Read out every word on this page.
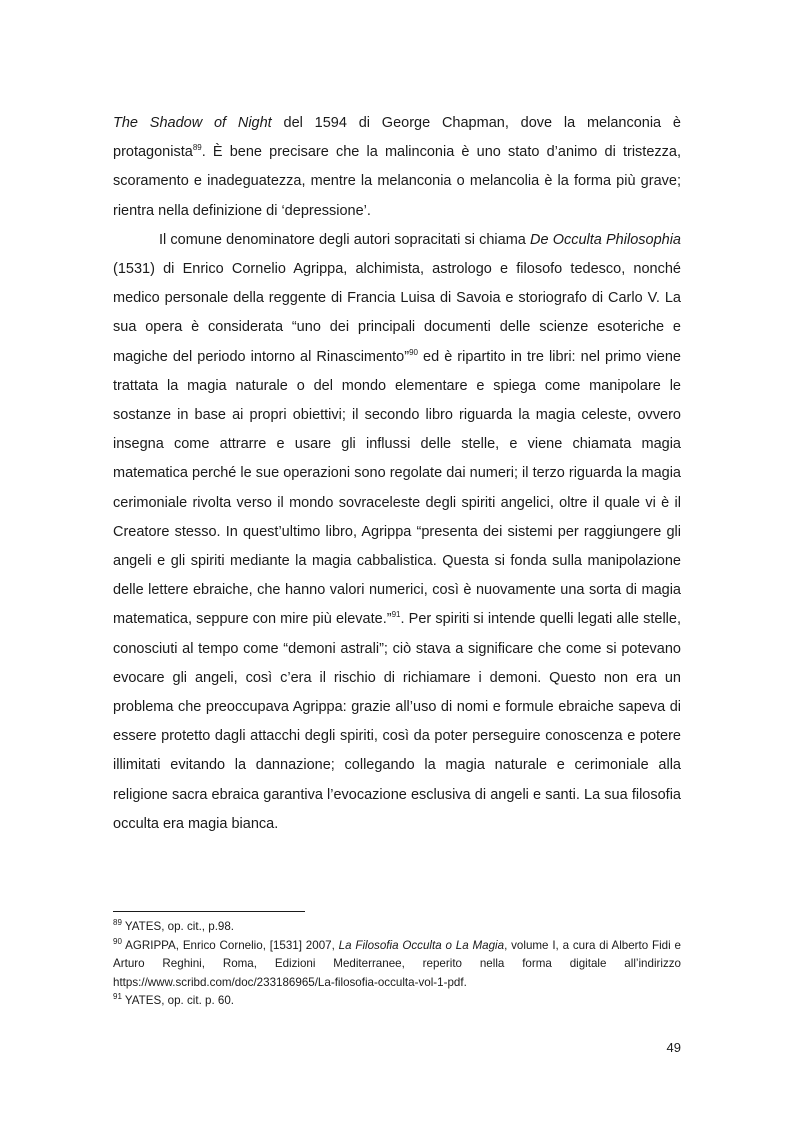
The Shadow of Night del 1594 di George Chapman, dove la melanconia è protagonista$^{89}$. È bene precisare che la malinconia è uno stato d’animo di tristezza, scoramento e inadeguatezza, mentre la melanconia o melancolia è la forma più grave; rientra nella definizione di ‘depressione’.

Il comune denominatore degli autori sopracitati si chiama De Occulta Philosophia (1531) di Enrico Cornelio Agrippa, alchimista, astrologo e filosofo tedesco, nonché medico personale della reggente di Francia Luisa di Savoia e storiografo di Carlo V. La sua opera è considerata “uno dei principali documenti delle scienze esoteriche e magiche del periodo intorno al Rinascimento”$^{90}$ ed è ripartito in tre libri: nel primo viene trattata la magia naturale o del mondo elementare e spiega come manipolare le sostanze in base ai propri obiettivi; il secondo libro riguarda la magia celeste, ovvero insegna come attrarre e usare gli influssi delle stelle, e viene chiamata magia matematica perché le sue operazioni sono regolate dai numeri; il terzo riguarda la magia cerimoniale rivolta verso il mondo sovraceleste degli spiriti angelici, oltre il quale vi è il Creatore stesso. In quest’ultimo libro, Agrippa “presenta dei sistemi per raggiungere gli angeli e gli spiriti mediante la magia cabbalistica. Questa si fonda sulla manipolazione delle lettere ebraiche, che hanno valori numerici, così è nuovamente una sorta di magia matematica, seppure con mire più elevate.”$^{91}$. Per spiriti si intende quelli legati alle stelle, conosciuti al tempo come “demoni astrali”; ciò stava a significare che come si potevano evocare gli angeli, così c’era il rischio di richiamare i demoni. Questo non era un problema che preoccupava Agrippa: grazie all’uso di nomi e formule ebraiche sapeva di essere protetto dagli attacchi degli spiriti, così da poter perseguire conoscenza e potere illimitati evitando la dannazione; collegando la magia naturale e cerimoniale alla religione sacra ebraica garantiva l’evocazione esclusiva di angeli e santi. La sua filosofia occulta era magia bianca.

$^{89}$ YATES, op. cit., p.98.

$^{90}$ AGRIPPA, Enrico Cornelio, [1531] 2007, La Filosofia Occulta o La Magia, volume I, a cura di Alberto Fidi e Arturo Reghini, Roma, Edizioni Mediterranee, reperito nella forma digitale all’indirizzo https://www.scribd.com/doc/233186965/La-filosofia-occulta-vol-1-pdf.

$^{91}$ YATES, op. cit. p. 60.

49
